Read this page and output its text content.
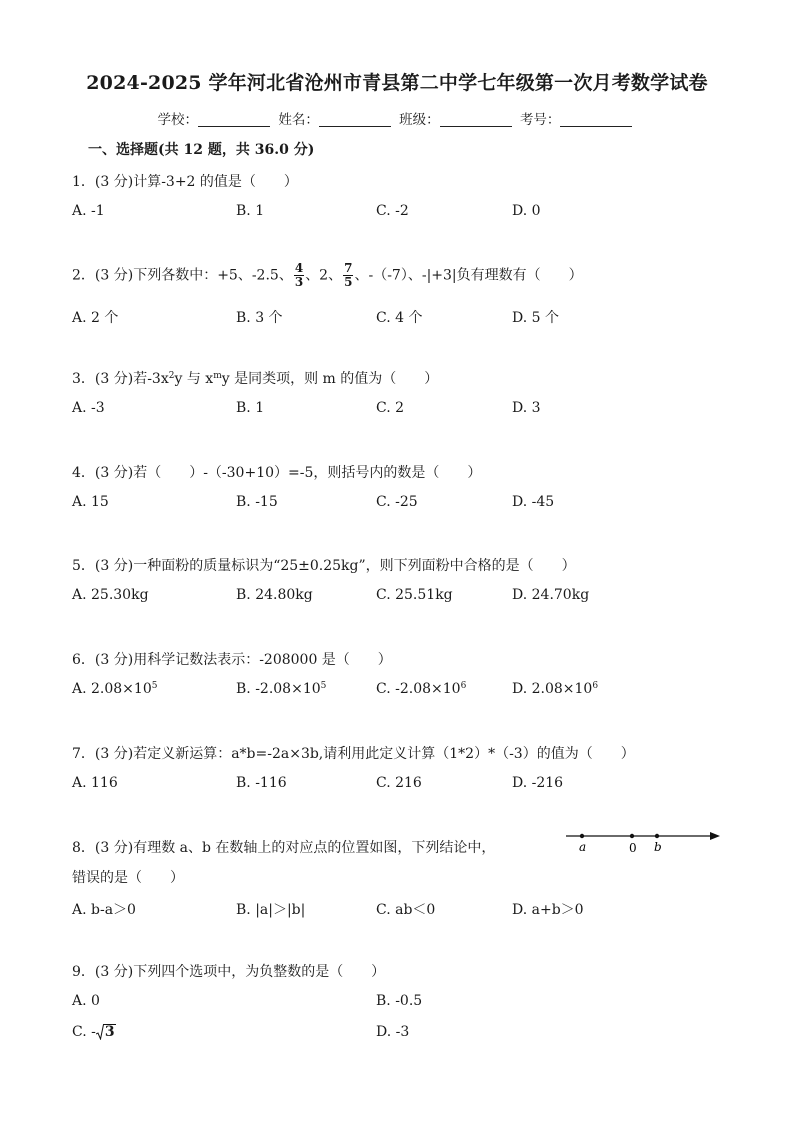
2024-2025 学年河北省沧州市青县第二中学七年级第一次月考数学试卷
学校：	姓名：	班级：	考号：
一、选择题(共 12 题，共 36.0 分)
1．(3 分)计算-3+2 的值是（　　）
A. -1	B. 1	C. -2	D. 0
2．(3 分)下列各数中：+5、-2.5、 $\frac{4}{3}$ 、2、 $\frac{7}{5}$ 、-（-7）、-|+3|负有理数有（　　）
A. 2 个	B. 3 个	C. 4 个	D. 5 个
3．(3 分)若$-3x^2y$ 与 $x^my$ 是同类项，则 m 的值为（　　）
A. -3	B. 1	C. 2	D. 3
4．(3 分)若（　　）-（-30+10）=-5，则括号内的数是（　　）
A. 15	B. -15	C. -25	D. -45
5．(3 分)一种面粉的质量标识为“25±0.25kg”，则下列面粉中合格的是（　　）
A. 25.30kg	B. 24.80kg	C. 25.51kg	D. 24.70kg
6．(3 分)用科学记数法表示：-208000 是（　　）
A. $2.08\times 10^5$	B. $-2.08\times 10^5$	C. $-2.08\times 10^6$	D. $2.08\times 10^6$
7．(3 分)若定义新运算：a*b=-2a×3b,请利用此定义计算（1*2）*（-3）的值为（　　）
A. 116	B. -116	C. 216	D. -216
8．(3 分)有理数 a、b 在数轴上的对应点的位置如图，下列结论中，
错误的是（　　）
a	0 b
A. b-a＞0	B. |a|＞|b|	C. ab＜0	D. a+b＞0
9．(3 分)下列四个选项中，为负整数的是（　　）
A. 0	B. -0.5
C. - 3	D. -3
